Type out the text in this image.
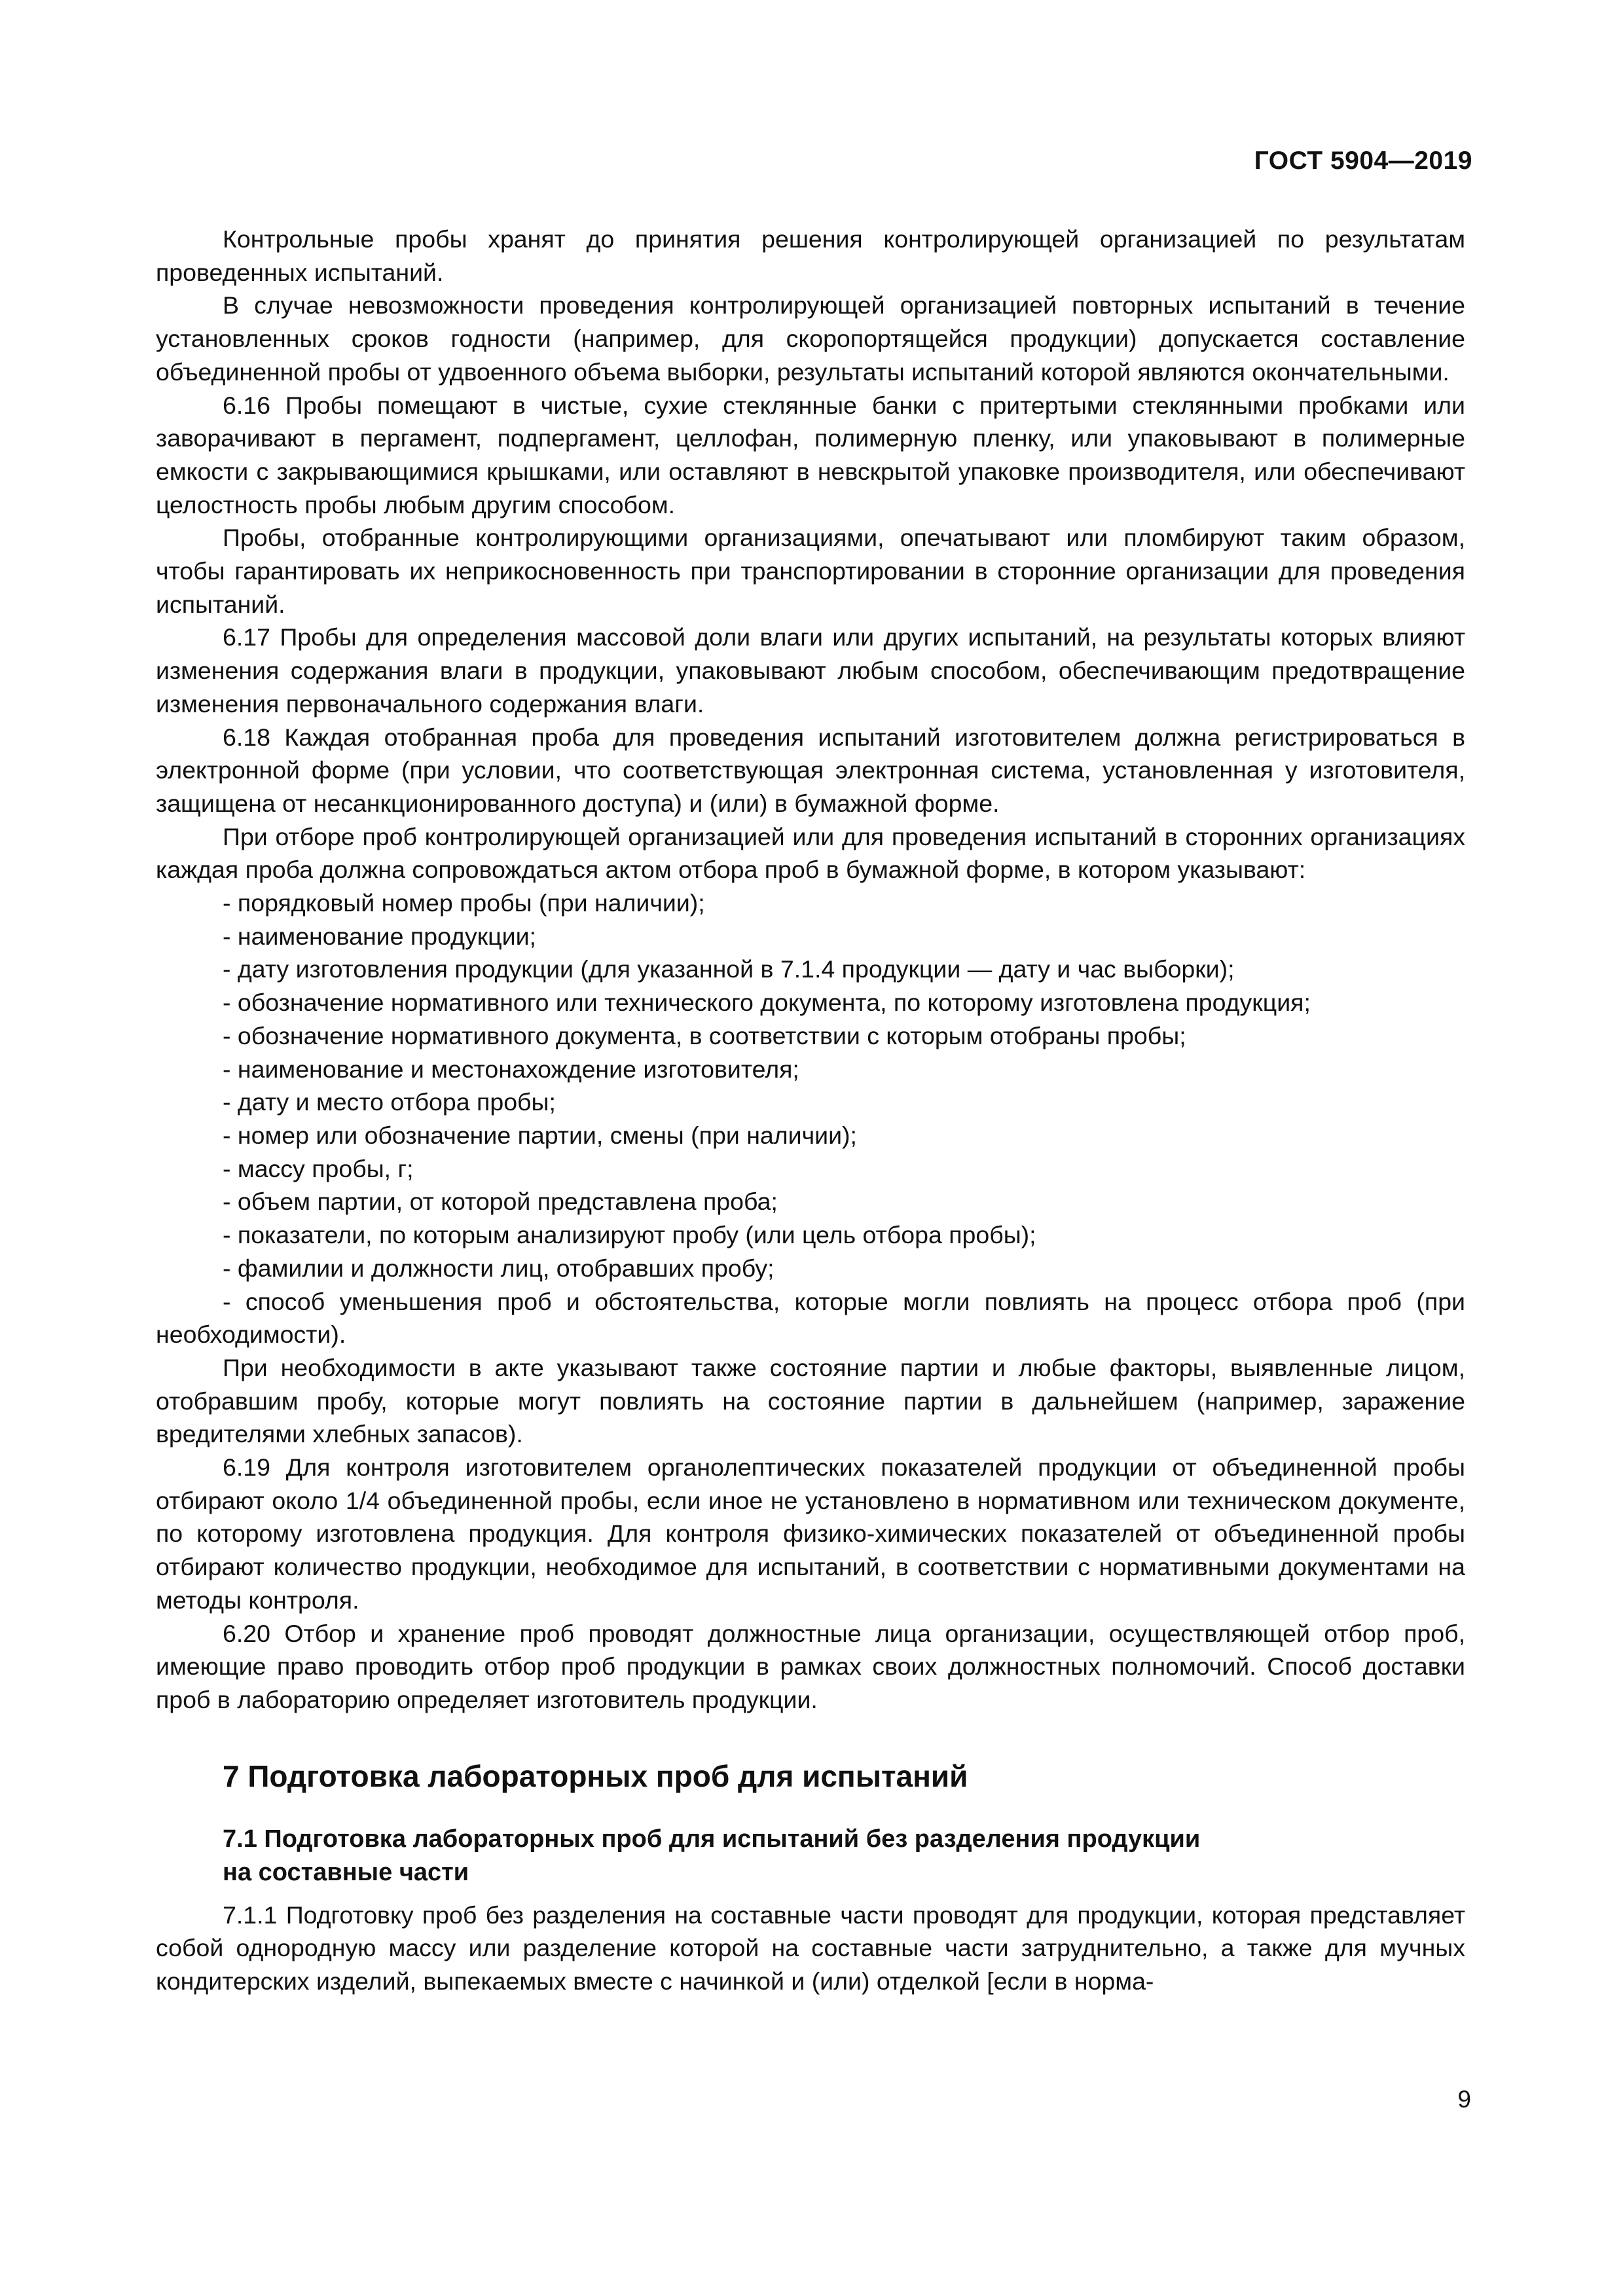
ГОСТ 5904—2019

Контрольные пробы хранят до принятия решения контролирующей организацией по результатам проведенных испытаний.

В случае невозможности проведения контролирующей организацией повторных испытаний в течение установленных сроков годности (например, для скоропортящейся продукции) допускается составление объединенной пробы от удвоенного объема выборки, результаты испытаний которой являются окончательными.

6.16 Пробы помещают в чистые, сухие стеклянные банки с притертыми стеклянными пробками или заворачивают в пергамент, подпергамент, целлофан, полимерную пленку, или упаковывают в полимерные емкости с закрывающимися крышками, или оставляют в невскрытой упаковке производителя, или обеспечивают целостность пробы любым другим способом.

Пробы, отобранные контролирующими организациями, опечатывают или пломбируют таким образом, чтобы гарантировать их неприкосновенность при транспортировании в сторонние организации для проведения испытаний.

6.17 Пробы для определения массовой доли влаги или других испытаний, на результаты которых влияют изменения содержания влаги в продукции, упаковывают любым способом, обеспечивающим предотвращение изменения первоначального содержания влаги.

6.18 Каждая отобранная проба для проведения испытаний изготовителем должна регистрироваться в электронной форме (при условии, что соответствующая электронная система, установленная у изготовителя, защищена от несанкционированного доступа) и (или) в бумажной форме.

При отборе проб контролирующей организацией или для проведения испытаний в сторонних организациях каждая проба должна сопровождаться актом отбора проб в бумажной форме, в котором указывают:

- порядковый номер пробы (при наличии);

- наименование продукции;

- дату изготовления продукции (для указанной в 7.1.4 продукции — дату и час выборки);

- обозначение нормативного или технического документа, по которому изготовлена продукция;

- обозначение нормативного документа, в соответствии с которым отобраны пробы;

- наименование и местонахождение изготовителя;

- дату и место отбора пробы;

- номер или обозначение партии, смены (при наличии);

- массу пробы, г;

- объем партии, от которой представлена проба;

- показатели, по которым анализируют пробу (или цель отбора пробы);

- фамилии и должности лиц, отобравших пробу;

- способ уменьшения проб и обстоятельства, которые могли повлиять на процесс отбора проб (при необходимости).

При необходимости в акте указывают также состояние партии и любые факторы, выявленные лицом, отобравшим пробу, которые могут повлиять на состояние партии в дальнейшем (например, заражение вредителями хлебных запасов).

6.19 Для контроля изготовителем органолептических показателей продукции от объединенной пробы отбирают около 1/4 объединенной пробы, если иное не установлено в нормативном или техническом документе, по которому изготовлена продукция. Для контроля физико-химических показателей от объединенной пробы отбирают количество продукции, необходимое для испытаний, в соответствии с нормативными документами на методы контроля.

6.20 Отбор и хранение проб проводят должностные лица организации, осуществляющей отбор проб, имеющие право проводить отбор проб продукции в рамках своих должностных полномочий. Способ доставки проб в лабораторию определяет изготовитель продукции.

7 Подготовка лабораторных проб для испытаний
7.1 Подготовка лабораторных проб для испытаний без разделения продукции
на составные части

7.1.1 Подготовку проб без разделения на составные части проводят для продукции, которая представляет собой однородную массу или разделение которой на составные части затруднительно, а также для мучных кондитерских изделий, выпекаемых вместе с начинкой и (или) отделкой [если в норма-

9
